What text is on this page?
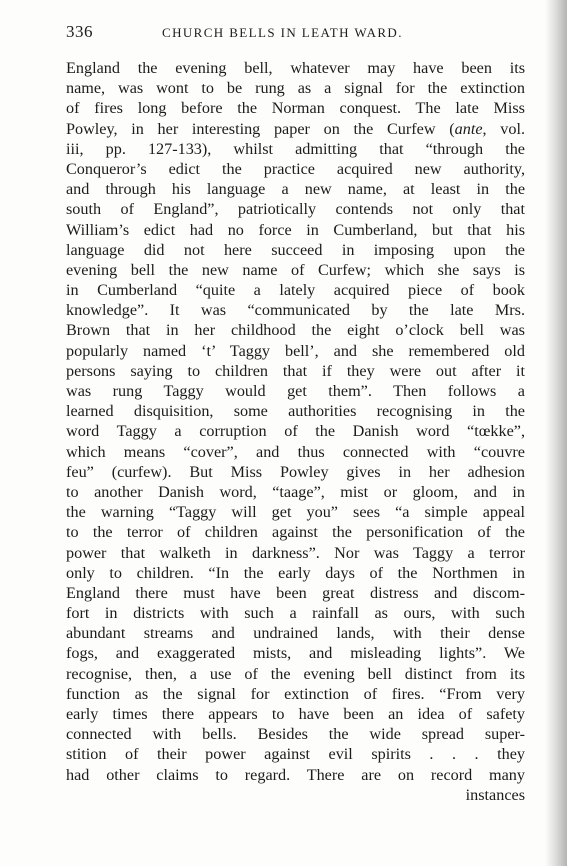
336	CHURCH BELLS IN LEATH WARD.
England the evening bell, whatever may have been its
name, was wont to be rung as a signal for the extinction
of fires long before the Norman conquest. The late Miss
Powley, in her interesting paper on the Curfew (ante, vol.
iii, pp. 127-133), whilst admitting that “through the
Conqueror’s edict the practice acquired new authority,
and through his language a new name, at least in the
south of England”, patriotically contends not only that
William’s edict had no force in Cumberland, but that his
language did not here succeed in imposing upon the
evening bell the new name of Curfew; which she says is
in Cumberland “quite a lately acquired piece of book
knowledge”. It was “communicated by the late Mrs.
Brown that in her childhood the eight o’clock bell was
popularly named ‘t’ Taggy bell’, and she remembered old
persons saying to children that if they were out after it
was rung Taggy would get them”. Then follows a
learned disquisition, some authorities recognising in the
word Taggy a corruption of the Danish word “tœkke”,
which means “cover”, and thus connected with “couvre
feu” (curfew). But Miss Powley gives in her adhesion
to another Danish word, “taage”, mist or gloom, and in
the warning “Taggy will get you” sees “a simple appeal
to the terror of children against the personification of the
power that walketh in darkness”. Nor was Taggy a terror
only to children. “In the early days of the Northmen in
England there must have been great distress and discom-
fort in districts with such a rainfall as ours, with such
abundant streams and undrained lands, with their dense
fogs, and exaggerated mists, and misleading lights”. We
recognise, then, a use of the evening bell distinct from its
function as the signal for extinction of fires. “From very
early times there appears to have been an idea of safety
connected with bells. Besides the wide spread super-
stition of their power against evil spirits . . . they
had other claims to regard. There are on record many
instances
